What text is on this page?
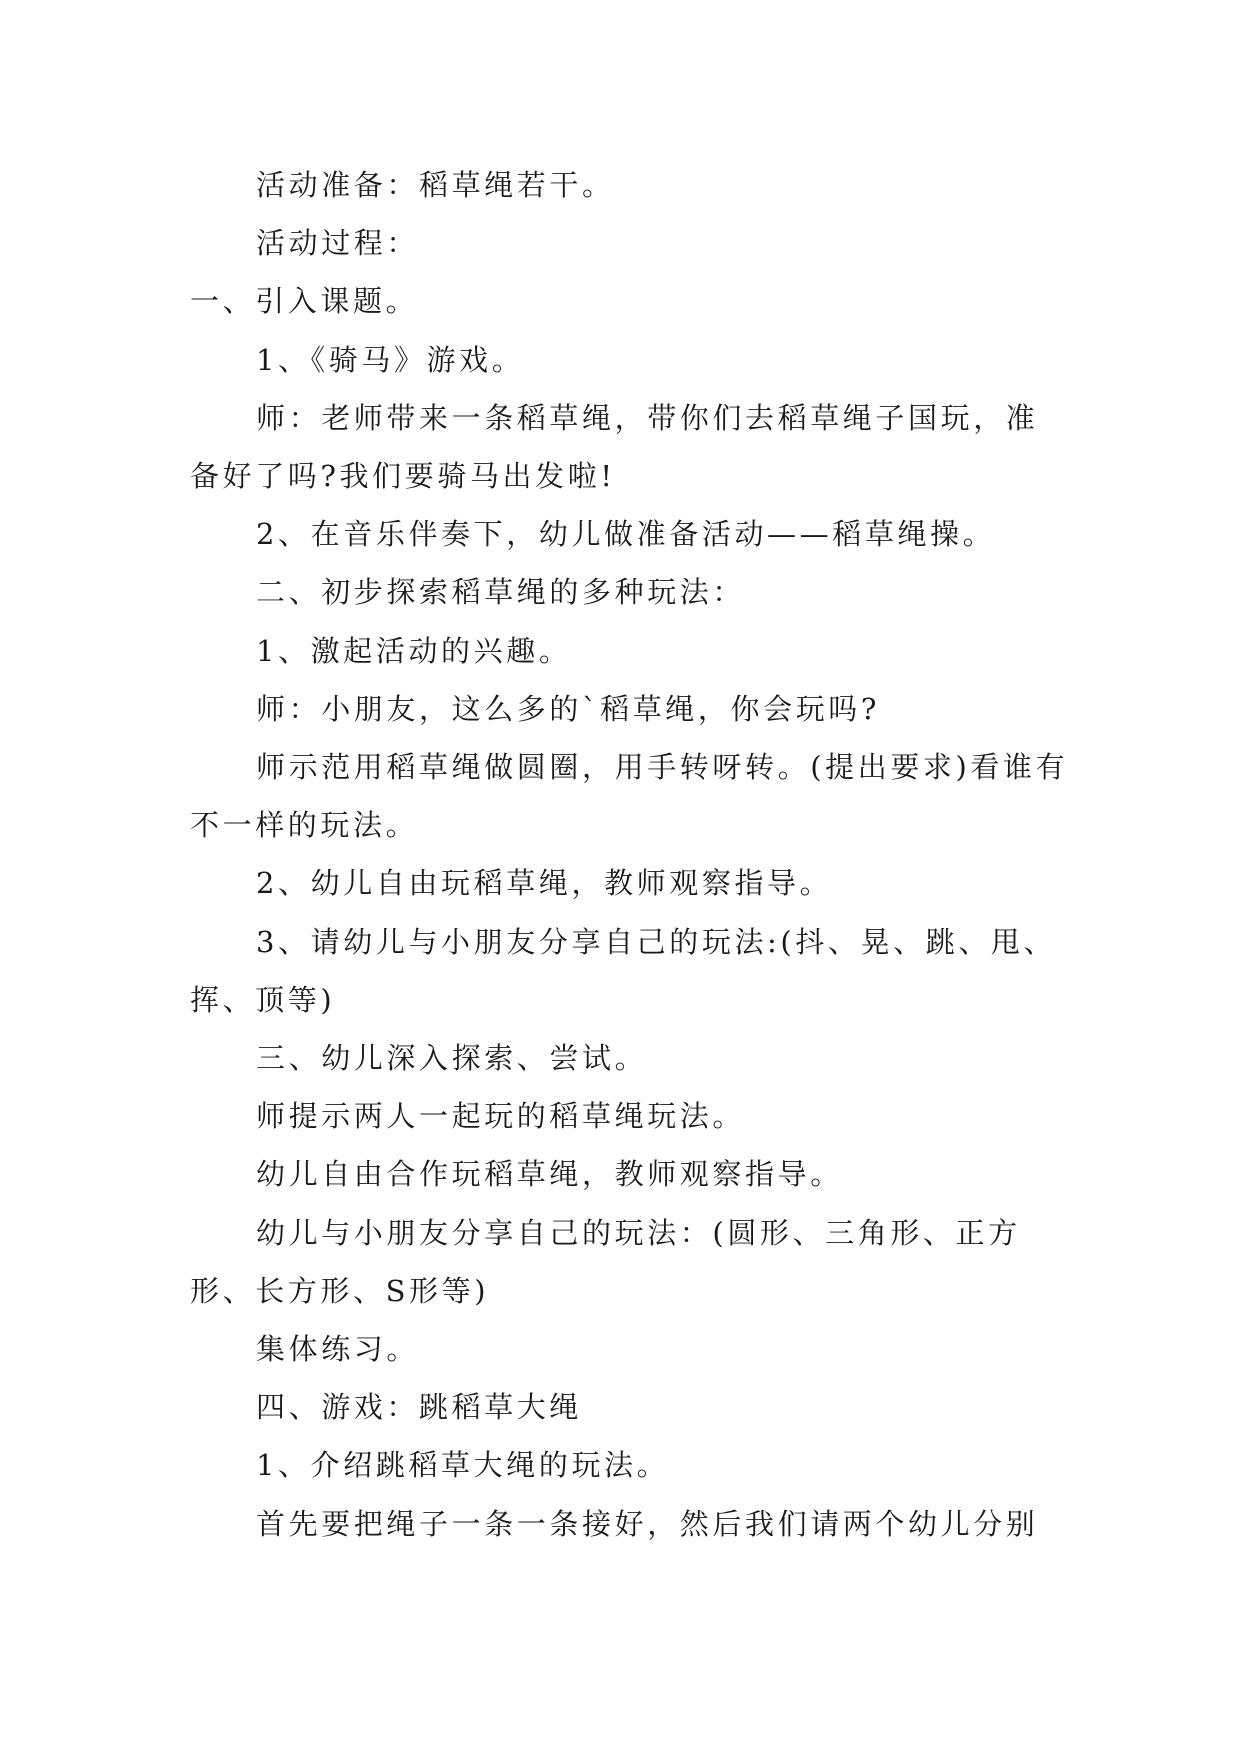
活动准备：稻草绳若干。

活动过程：

一、引入课题。

1、《骑马》游戏。

师：老师带来一条稻草绳，带你们去稻草绳子国玩，准备好了吗?我们要骑马出发啦!

2、在音乐伴奏下，幼儿做准备活动——稻草绳操。

二、初步探索稻草绳的多种玩法：

1、激起活动的兴趣。

师：小朋友，这么多的`稻草绳，你会玩吗?

师示范用稻草绳做圆圈，用手转呀转。(提出要求)看谁有不一样的玩法。

2、幼儿自由玩稻草绳，教师观察指导。

3、请幼儿与小朋友分享自己的玩法:(抖、晃、跳、甩、挥、顶等)

三、幼儿深入探索、尝试。

师提示两人一起玩的稻草绳玩法。

幼儿自由合作玩稻草绳，教师观察指导。

幼儿与小朋友分享自己的玩法：(圆形、三角形、正方形、长方形、S形等)

集体练习。

四、游戏：跳稻草大绳

1、介绍跳稻草大绳的玩法。

首先要把绳子一条一条接好，然后我们请两个幼儿分别
